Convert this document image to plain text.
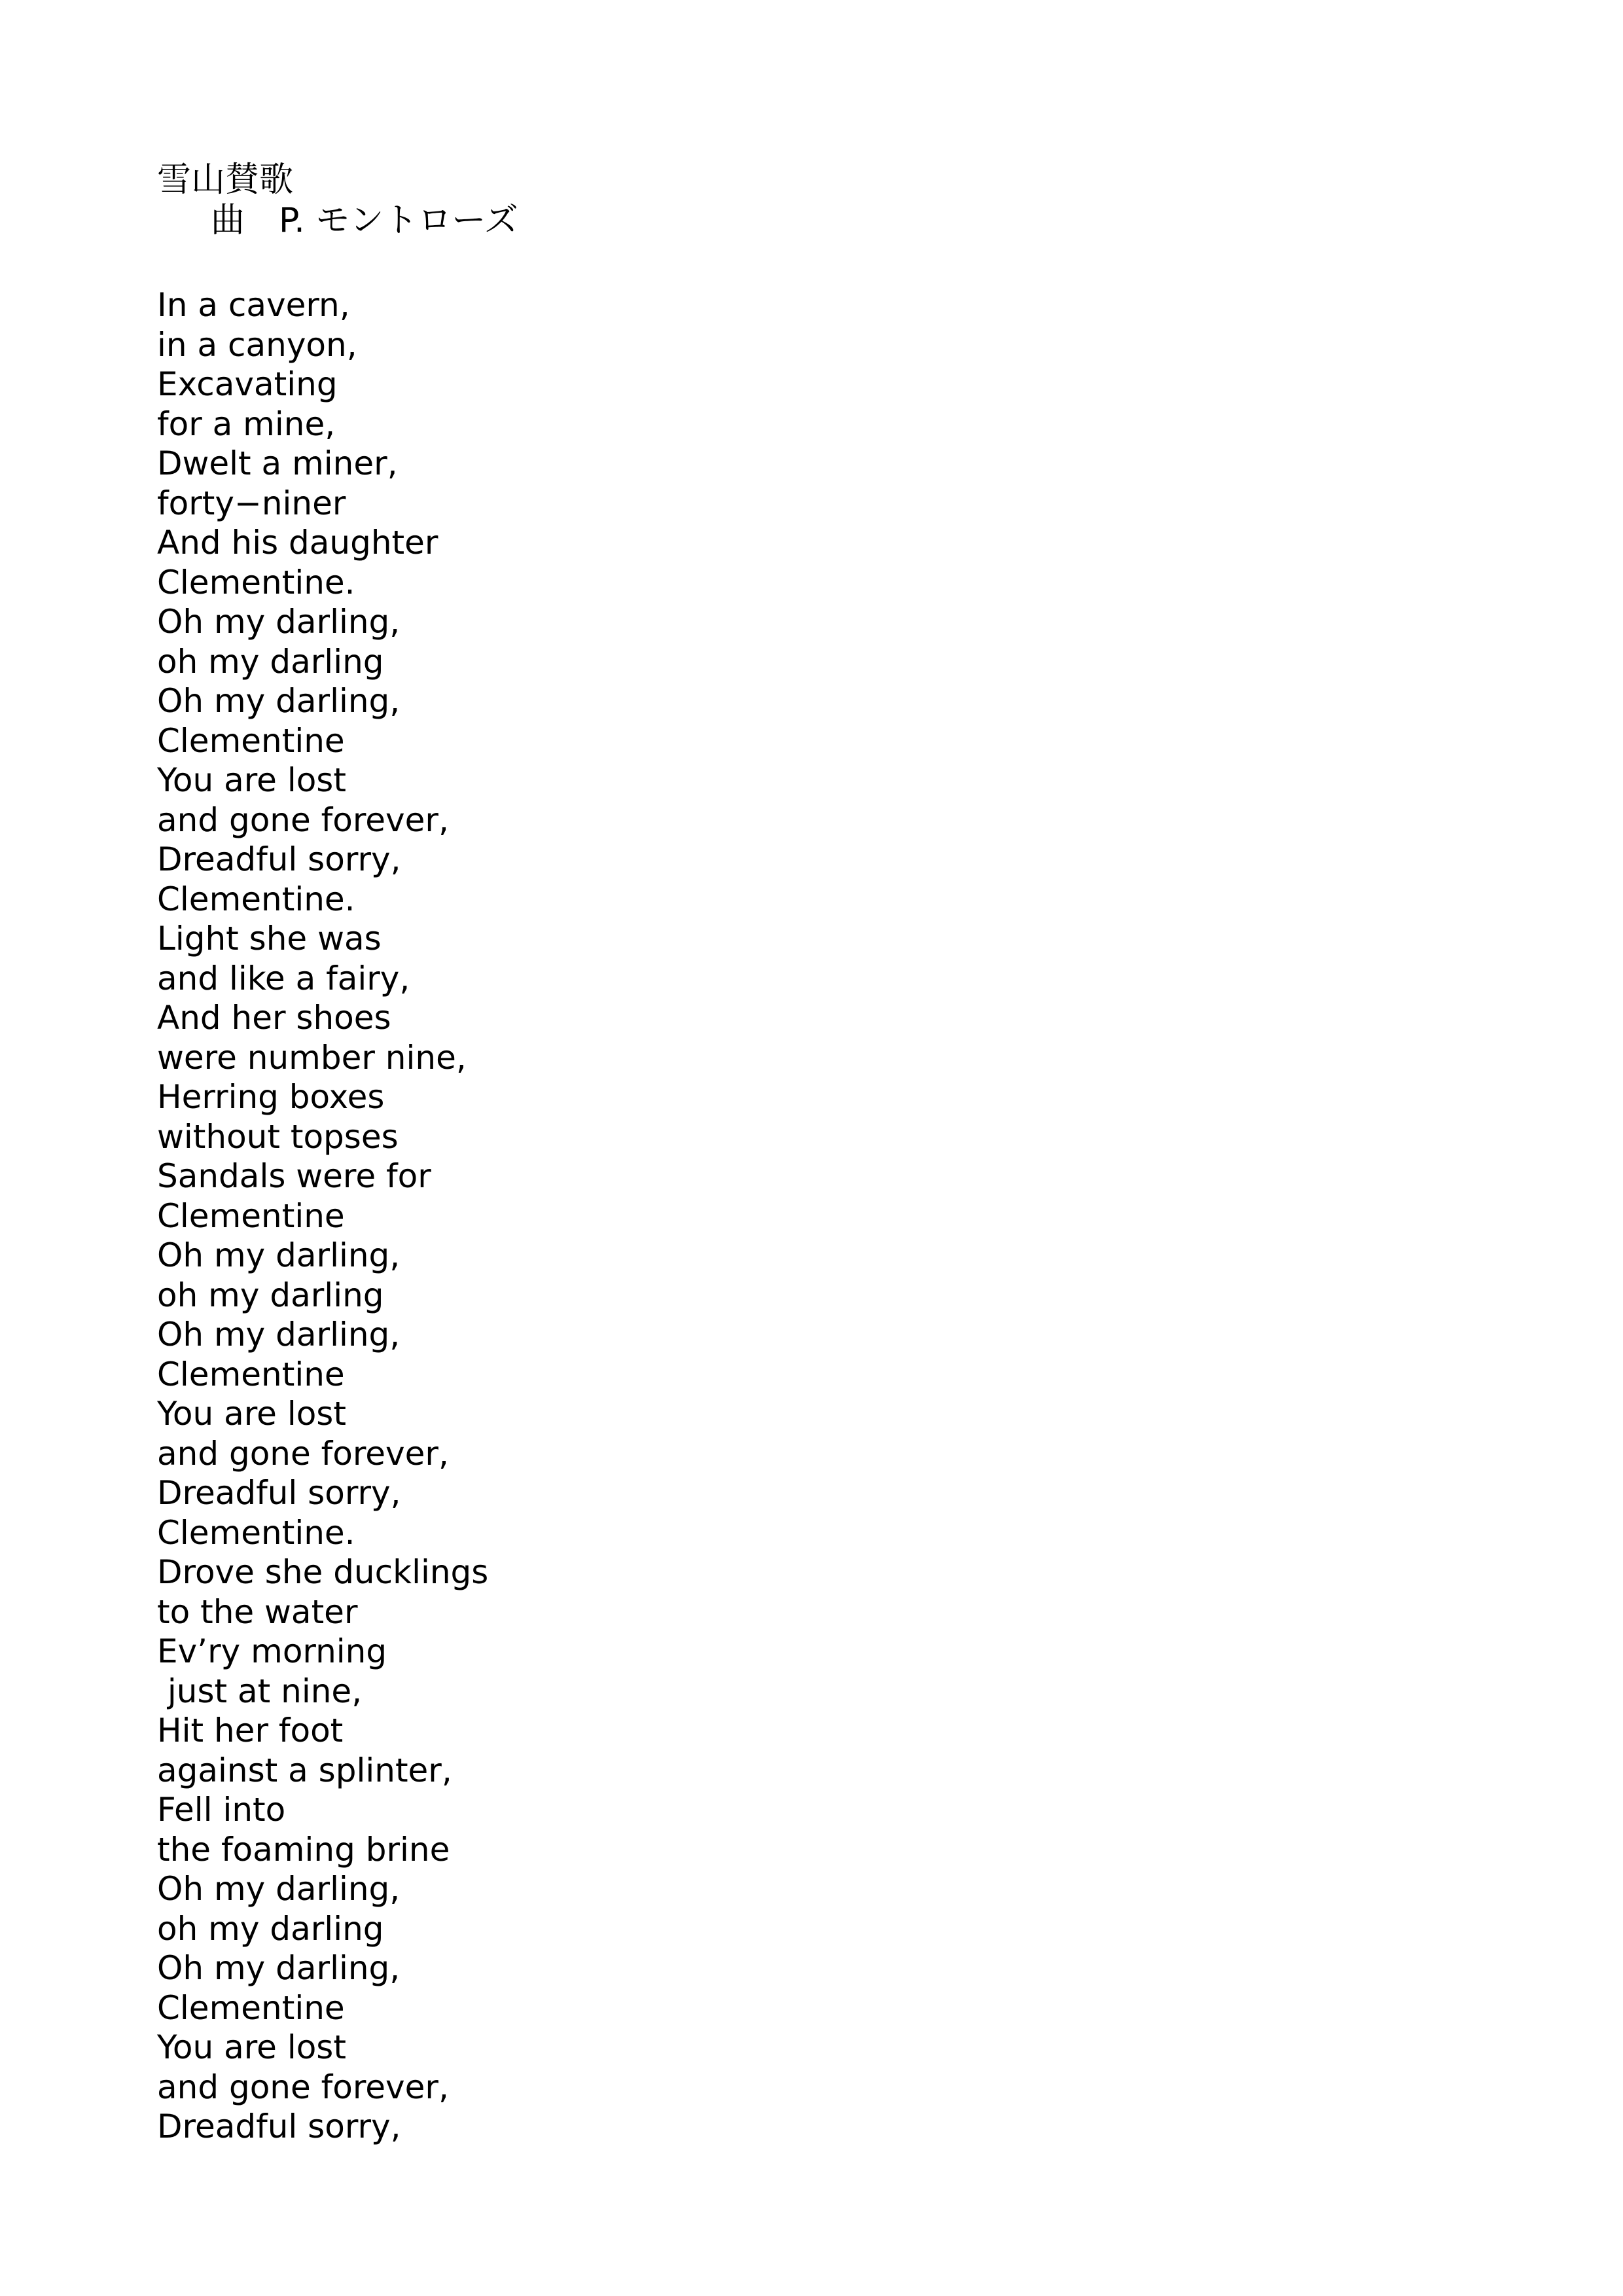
雪山賛歌
曲　P. モントローズ
In a cavern,
in a canyon,
Excavating
for a mine,
Dwelt a miner,
forty−niner
And his daughter
Clementine.
Oh my darling,
oh my darling
Oh my darling,
Clementine
You are lost
and gone forever,
Dreadful sorry,
Clementine.
Light she was
and like a fairy,
And her shoes
were number nine,
Herring boxes
without topses
Sandals were for
Clementine
Oh my darling,
oh my darling
Oh my darling,
Clementine
You are lost
and gone forever,
Dreadful sorry,
Clementine.
Drove she ducklings
to the water
Ev’ry morning
just at nine,
Hit her foot
against a splinter,
Fell into
the foaming brine
Oh my darling,
oh my darling
Oh my darling,
Clementine
You are lost
and gone forever,
Dreadful sorry,
